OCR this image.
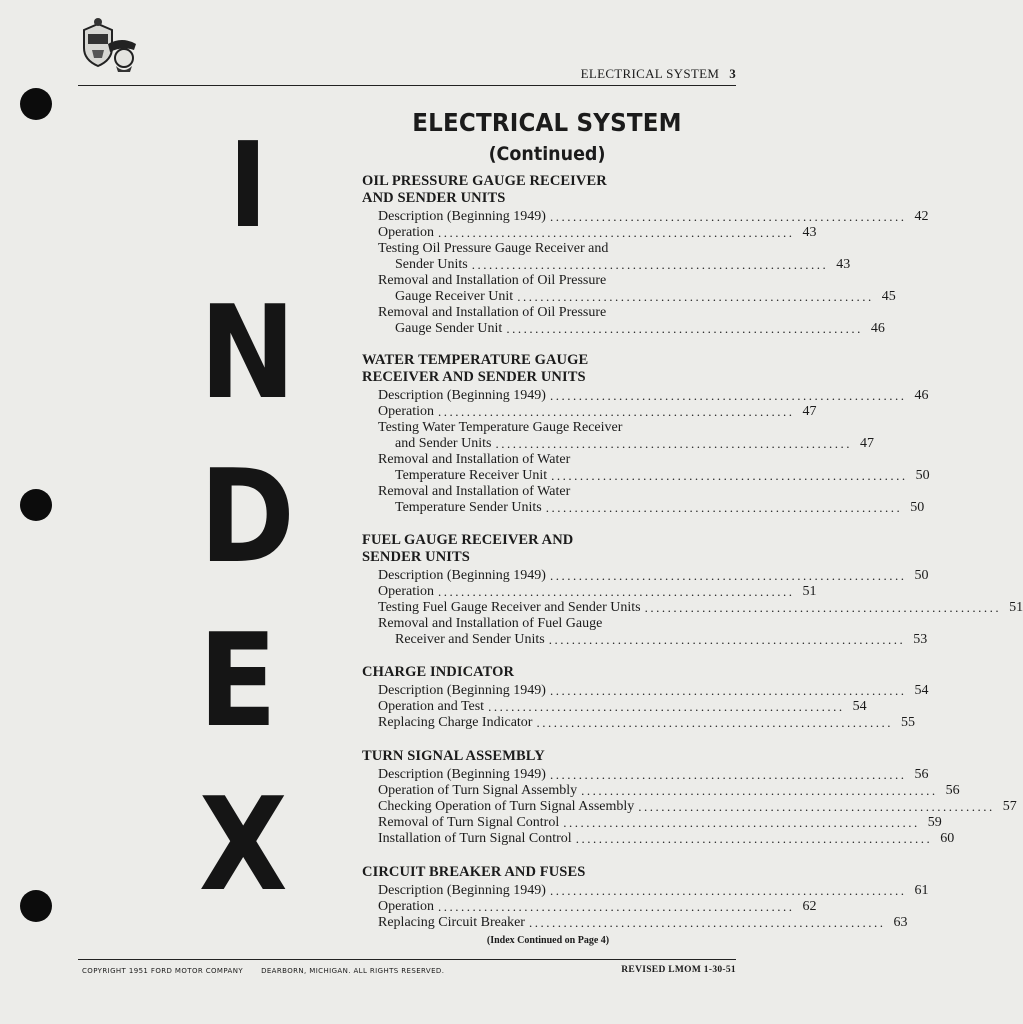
ELECTRICAL SYSTEM 3
I
N
D
E
X
ELECTRICAL SYSTEM
(Continued)
OIL PRESSURE GAUGE RECEIVER
AND SENDER UNITS
Description (Beginning 1949) .............................................................. 42
Operation .............................................................. 43
Testing Oil Pressure Gauge Receiver and
Sender Units .............................................................. 43
Removal and Installation of Oil Pressure
Gauge Receiver Unit .............................................................. 45
Removal and Installation of Oil Pressure
Gauge Sender Unit .............................................................. 46
WATER TEMPERATURE GAUGE
RECEIVER AND SENDER UNITS
Description (Beginning 1949) .............................................................. 46
Operation .............................................................. 47
Testing Water Temperature Gauge Receiver
and Sender Units .............................................................. 47
Removal and Installation of Water
Temperature Receiver Unit .............................................................. 50
Removal and Installation of Water
Temperature Sender Units .............................................................. 50
FUEL GAUGE RECEIVER AND
SENDER UNITS
Description (Beginning 1949) .............................................................. 50
Operation .............................................................. 51
Testing Fuel Gauge Receiver and Sender Units .............................................................. 51
Removal and Installation of Fuel Gauge
Receiver and Sender Units .............................................................. 53
CHARGE INDICATOR
Description (Beginning 1949) .............................................................. 54
Operation and Test .............................................................. 54
Replacing Charge Indicator .............................................................. 55
TURN SIGNAL ASSEMBLY
Description (Beginning 1949) .............................................................. 56
Operation of Turn Signal Assembly .............................................................. 56
Checking Operation of Turn Signal Assembly .............................................................. 57
Removal of Turn Signal Control .............................................................. 59
Installation of Turn Signal Control .............................................................. 60
CIRCUIT BREAKER AND FUSES
Description (Beginning 1949) .............................................................. 61
Operation .............................................................. 62
Replacing Circuit Breaker .............................................................. 63
(Index Continued on Page 4)
COPYRIGHT 1951 FORD MOTOR COMPANY	DEARBORN, MICHIGAN. ALL RIGHTS RESERVED.	REVISED LMOM 1-30-51
